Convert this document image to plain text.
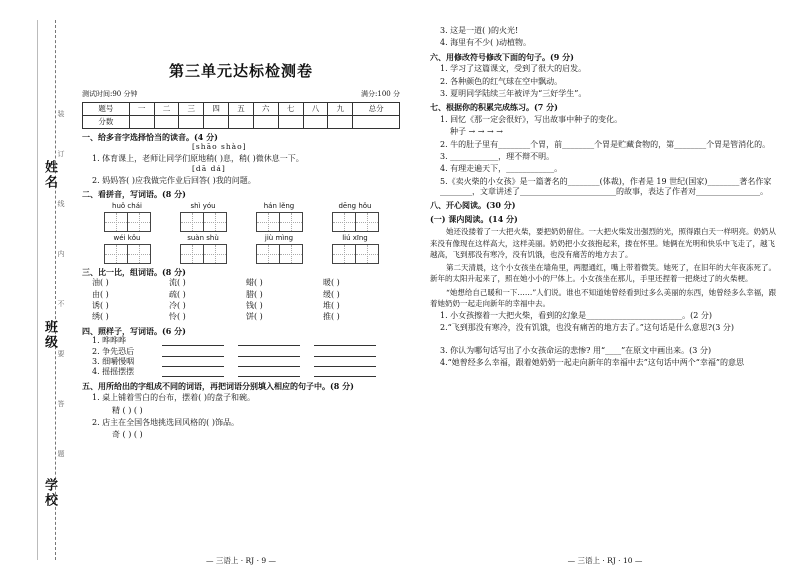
姓名
班级
学校
装
订
线
内
不
要
答
题
第三单元达标检测卷
测试时间:90 分钟	满分:100 分
题号	一	二	三	四	五	六	七	八	九	总分
分数										
一、给多音字选择恰当的读音。(4 分)
[shāo shào]
1. 体育课上，老师让同学们原地稍( )息，稍( )微休息一下。
[dā dá]
2. 妈妈答( )应我做完作业后回答( )我的问题。
二、看拼音，写词语。(8 分)
huǒ chái	shì yóu	hán lěng	dēng hǒu
wéi kǒu	suàn shù	jiù mìng	liú xīng
三、比一比，组词语。(8 分)
油( )	流( )	蜡( )	暖( )
由( )	疏( )	腊( )	缓( )
诱( )	冷( )	钱( )	堆( )
绣( )	怜( )	饼( )	推( )
四、照样子，写词语。(6 分)
1. 哗哗哗
2. 争先恐后
3. 细嚼慢咽
4. 摇摇摆摆
五、用所给出的字组成不同的词语，再把词语分别填入相应的句子中。(8 分)
1. 桌上铺着雪白的台布，摆着( )的盘子和碗。
精 ( ) ( )
2. 店主在全国各地挑选回风格的( )饰品。
奇 ( ) ( )
— 三语上 · RJ · 9 —
3. 这是一道( )的火光!
4. 海里有不少( )动植物。
六、用修改符号修改下面的句子。(9 分)
1. 学习了这篇课文，受到了很大的启发。
2. 各种颜色的红气球在空中飘动。
3. 夏明同学陆续三年被评为“三好学生”。
七、根据你的积累完成练习。(7 分)
1. 回忆《那一定会很好》，写出故事中种子的变化。
种子 → → → →
2. 牛的肚子里有________个胃，前________个胃是贮藏食物的，第________个胃是管消化的。
3. ____________，理不辩不明。
4. 有理走遍天下，____________。
5.《卖火柴的小女孩》是一篇著名的________(体裁)，作者是 19 世纪(国家)________著名作家________，文章讲述了________________________的故事，表达了作者对________________。
八、开心阅读。(30 分)
(一) 课内阅读。(14 分)
她还没搂着了一大把火柴，要把奶奶留住。一大把火柴发出强烈的光，照得跟白天一样明亮。奶奶从来没有像现在这样高大，这样美丽。奶奶把小女孩抱起来，搂在怀里。她俩在光明和快乐中飞走了，越飞越高，飞到那没有寒冷，没有饥饿，也没有痛苦的地方去了。
第二天清晨，这个小女孩坐在墙角里，两腮通红，嘴上带着微笑。她死了，在旧年的大年夜冻死了。新年的太阳升起来了，照在她小小的尸体上。小女孩坐在那儿，手里还捏着一把烧过了的火柴梗。
“她想给自己暖和一下……”人们说。谁也不知道她曾经看到过多么美丽的东西，她曾经多么幸福，跟着她奶奶一起走向新年的幸福中去。
1. 小女孩擦着一大把火柴，看到的幻象是________________________。(2 分)
2.“飞到那没有寒冷，没有饥饿，也没有痛苦的地方去了。”这句话是什么意思?(3 分)
3. 你认为哪句话写出了小女孩命运的悲惨? 用“____”在原文中画出来。(3 分)
4.“她曾经多么幸福，跟着她奶奶一起走向新年的幸福中去”这句话中两个“幸福”的意思
— 三语上 · RJ · 10 —
